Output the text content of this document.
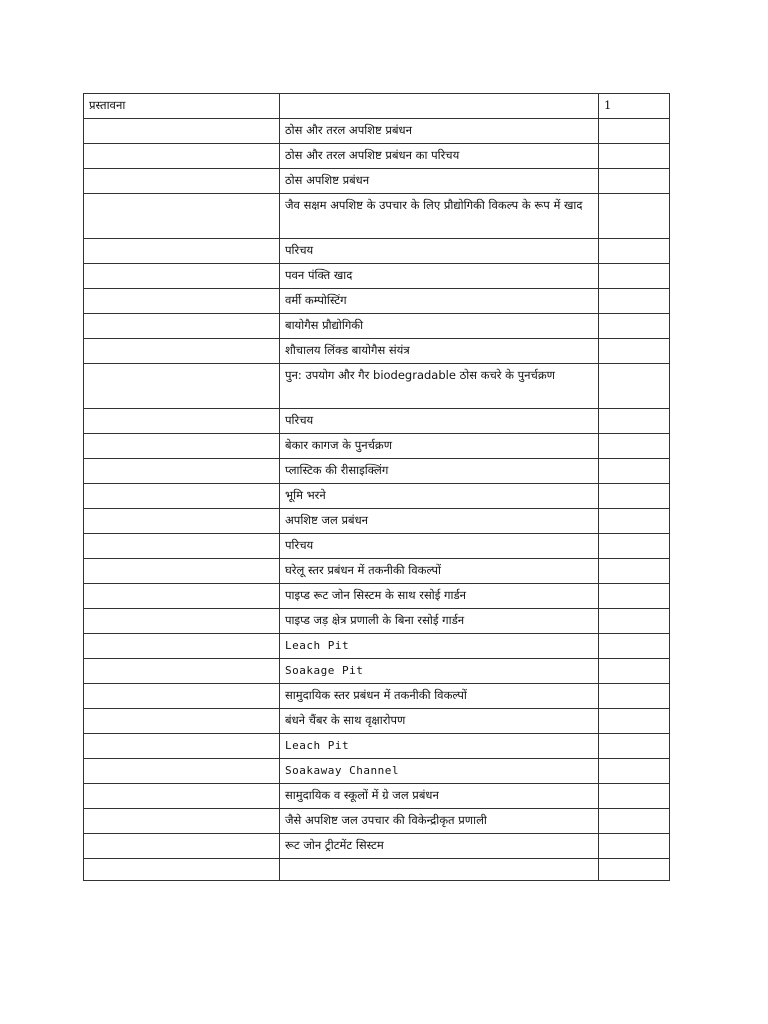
प्रस्तावना		1
	ठोस और तरल अपशिष्ट प्रबंधन	
	ठोस और तरल अपशिष्ट प्रबंधन का परिचय	
	ठोस अपशिष्ट प्रबंधन	
	जैव सक्षम अपशिष्ट के उपचार के लिए प्रौद्योगिकी विकल्प के रूप में खाद	
	परिचय	
	पवन पंक्ति खाद	
	वर्मी कम्पोस्टिंग	
	बायोगैस प्रौद्योगिकी	
	शौचालय लिंक्ड बायोगैस संयंत्र	
	पुन: उपयोग और गैर biodegradable ठोस कचरे के पुनर्चक्रण	
	परिचय	
	बेकार कागज के पुनर्चक्रण	
	प्लास्टिक की रीसाइक्लिंग	
	भूमि भरने	
	अपशिष्ट जल प्रबंधन	
	परिचय	
	घरेलू स्तर प्रबंधन में तकनीकी विकल्पों	
	पाइप्ड रूट जोन सिस्टम के साथ रसोई गार्डन	
	पाइप्ड जड़ क्षेत्र प्रणाली के बिना रसोई गार्डन	
	Leach Pit	
	Soakage Pit	
	सामुदायिक स्तर प्रबंधन में तकनीकी विकल्पों	
	बंधने चैंबर के साथ वृक्षारोपण	
	Leach Pit	
	Soakaway Channel	
	सामुदायिक व स्कूलों में ग्रे जल प्रबंधन	
	जैसे अपशिष्ट जल उपचार की विकेन्द्रीकृत प्रणाली	
	रूट जोन ट्रीटमेंट सिस्टम	
